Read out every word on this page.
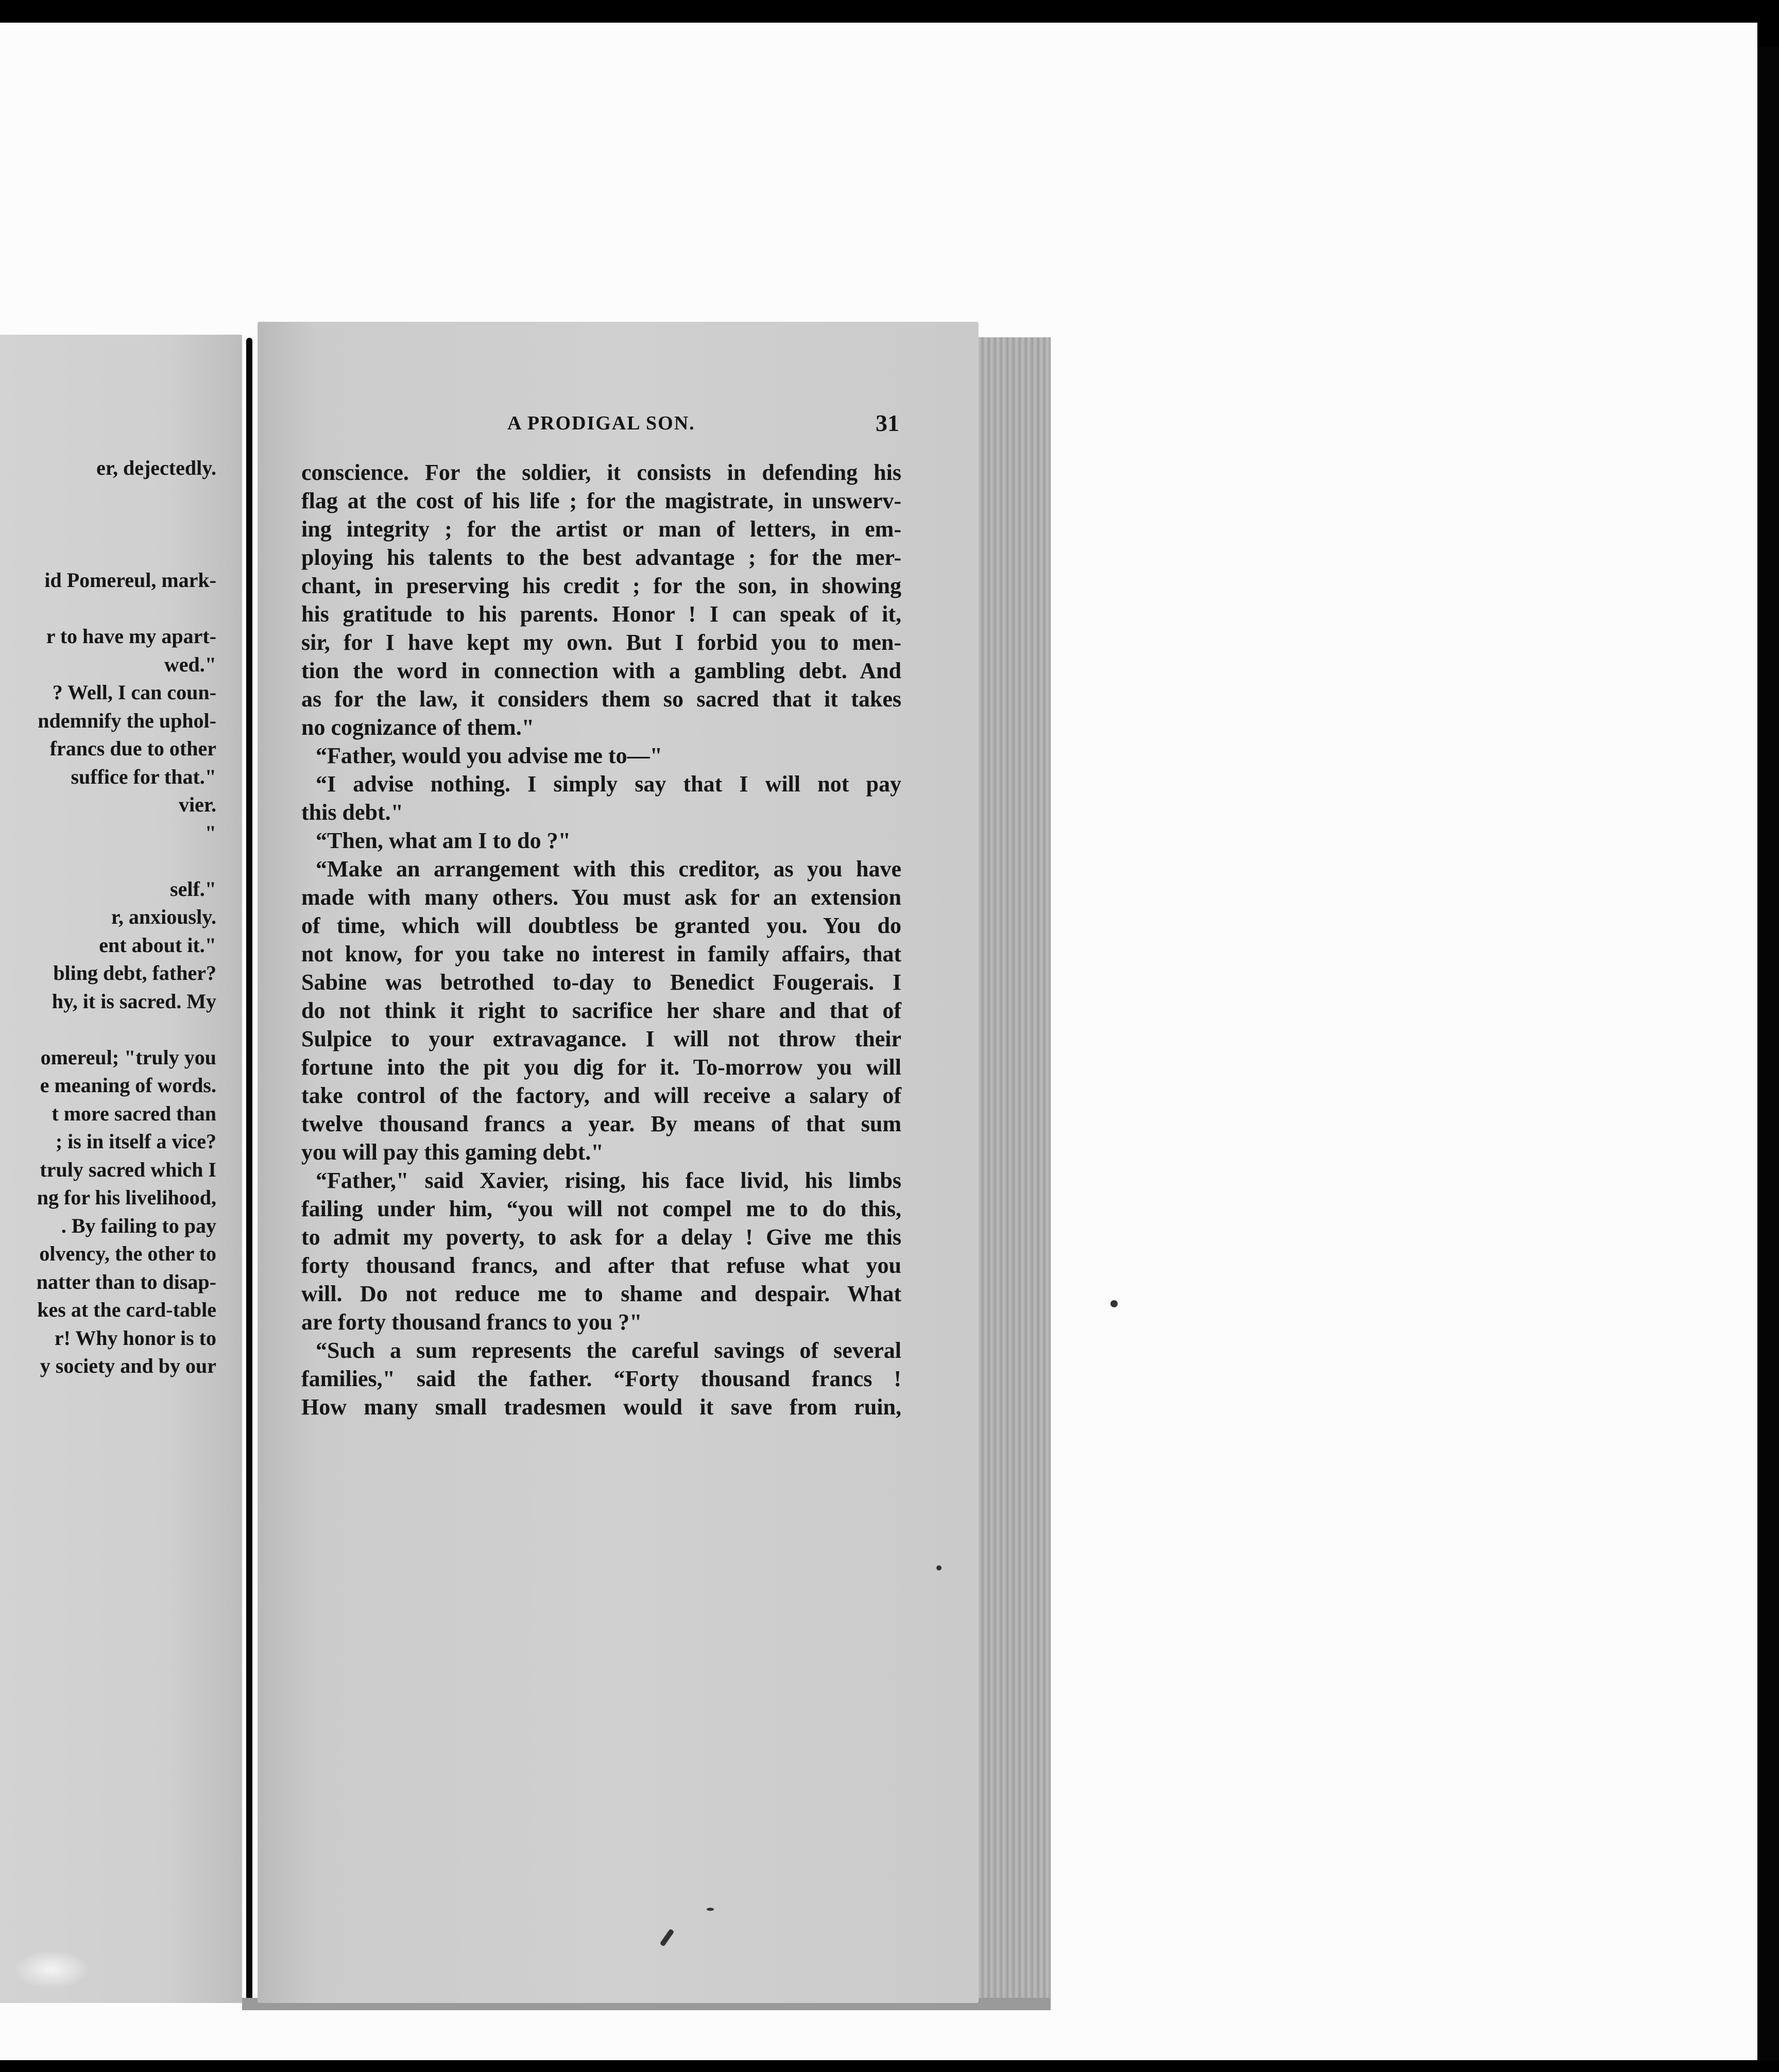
er, dejectedly.
id Pomereul, mark-
r to have my apart-
wed."
? Well, I can coun-
ndemnify the uphol-
francs due to other
suffice for that."
vier.
"
self."
r, anxiously.
ent about it."
bling debt, father?
hy, it is sacred. My
omereul; "truly you
e meaning of words.
t more sacred than
; is in itself a vice?
truly sacred which I
ng for his livelihood,
. By failing to pay
olvency, the other to
natter than to disap-
kes at the card-table
r! Why honor is to
y society and by our
A PRODIGAL SON.	31
conscience. For the soldier, it consists in defending his
flag at the cost of his life ; for the magistrate, in unswerv-
ing integrity ; for the artist or man of letters, in em-
ploying his talents to the best advantage ; for the mer-
chant, in preserving his credit ; for the son, in showing
his gratitude to his parents. Honor ! I can speak of it,
sir, for I have kept my own. But I forbid you to men-
tion the word in connection with a gambling debt. And
as for the law, it considers them so sacred that it takes
no cognizance of them."
“Father, would you advise me to—"
“I advise nothing. I simply say that I will not pay
this debt."
“Then, what am I to do ?"
“Make an arrangement with this creditor, as you have
made with many others. You must ask for an extension
of time, which will doubtless be granted you. You do
not know, for you take no interest in family affairs, that
Sabine was betrothed to-day to Benedict Fougerais. I
do not think it right to sacrifice her share and that of
Sulpice to your extravagance. I will not throw their
fortune into the pit you dig for it. To-morrow you will
take control of the factory, and will receive a salary of
twelve thousand francs a year. By means of that sum
you will pay this gaming debt."
“Father," said Xavier, rising, his face livid, his limbs
failing under him, “you will not compel me to do this,
to admit my poverty, to ask for a delay ! Give me this
forty thousand francs, and after that refuse what you
will. Do not reduce me to shame and despair. What
are forty thousand francs to you ?"
“Such a sum represents the careful savings of several
families," said the father. “Forty thousand francs !
How many small tradesmen would it save from ruin,
